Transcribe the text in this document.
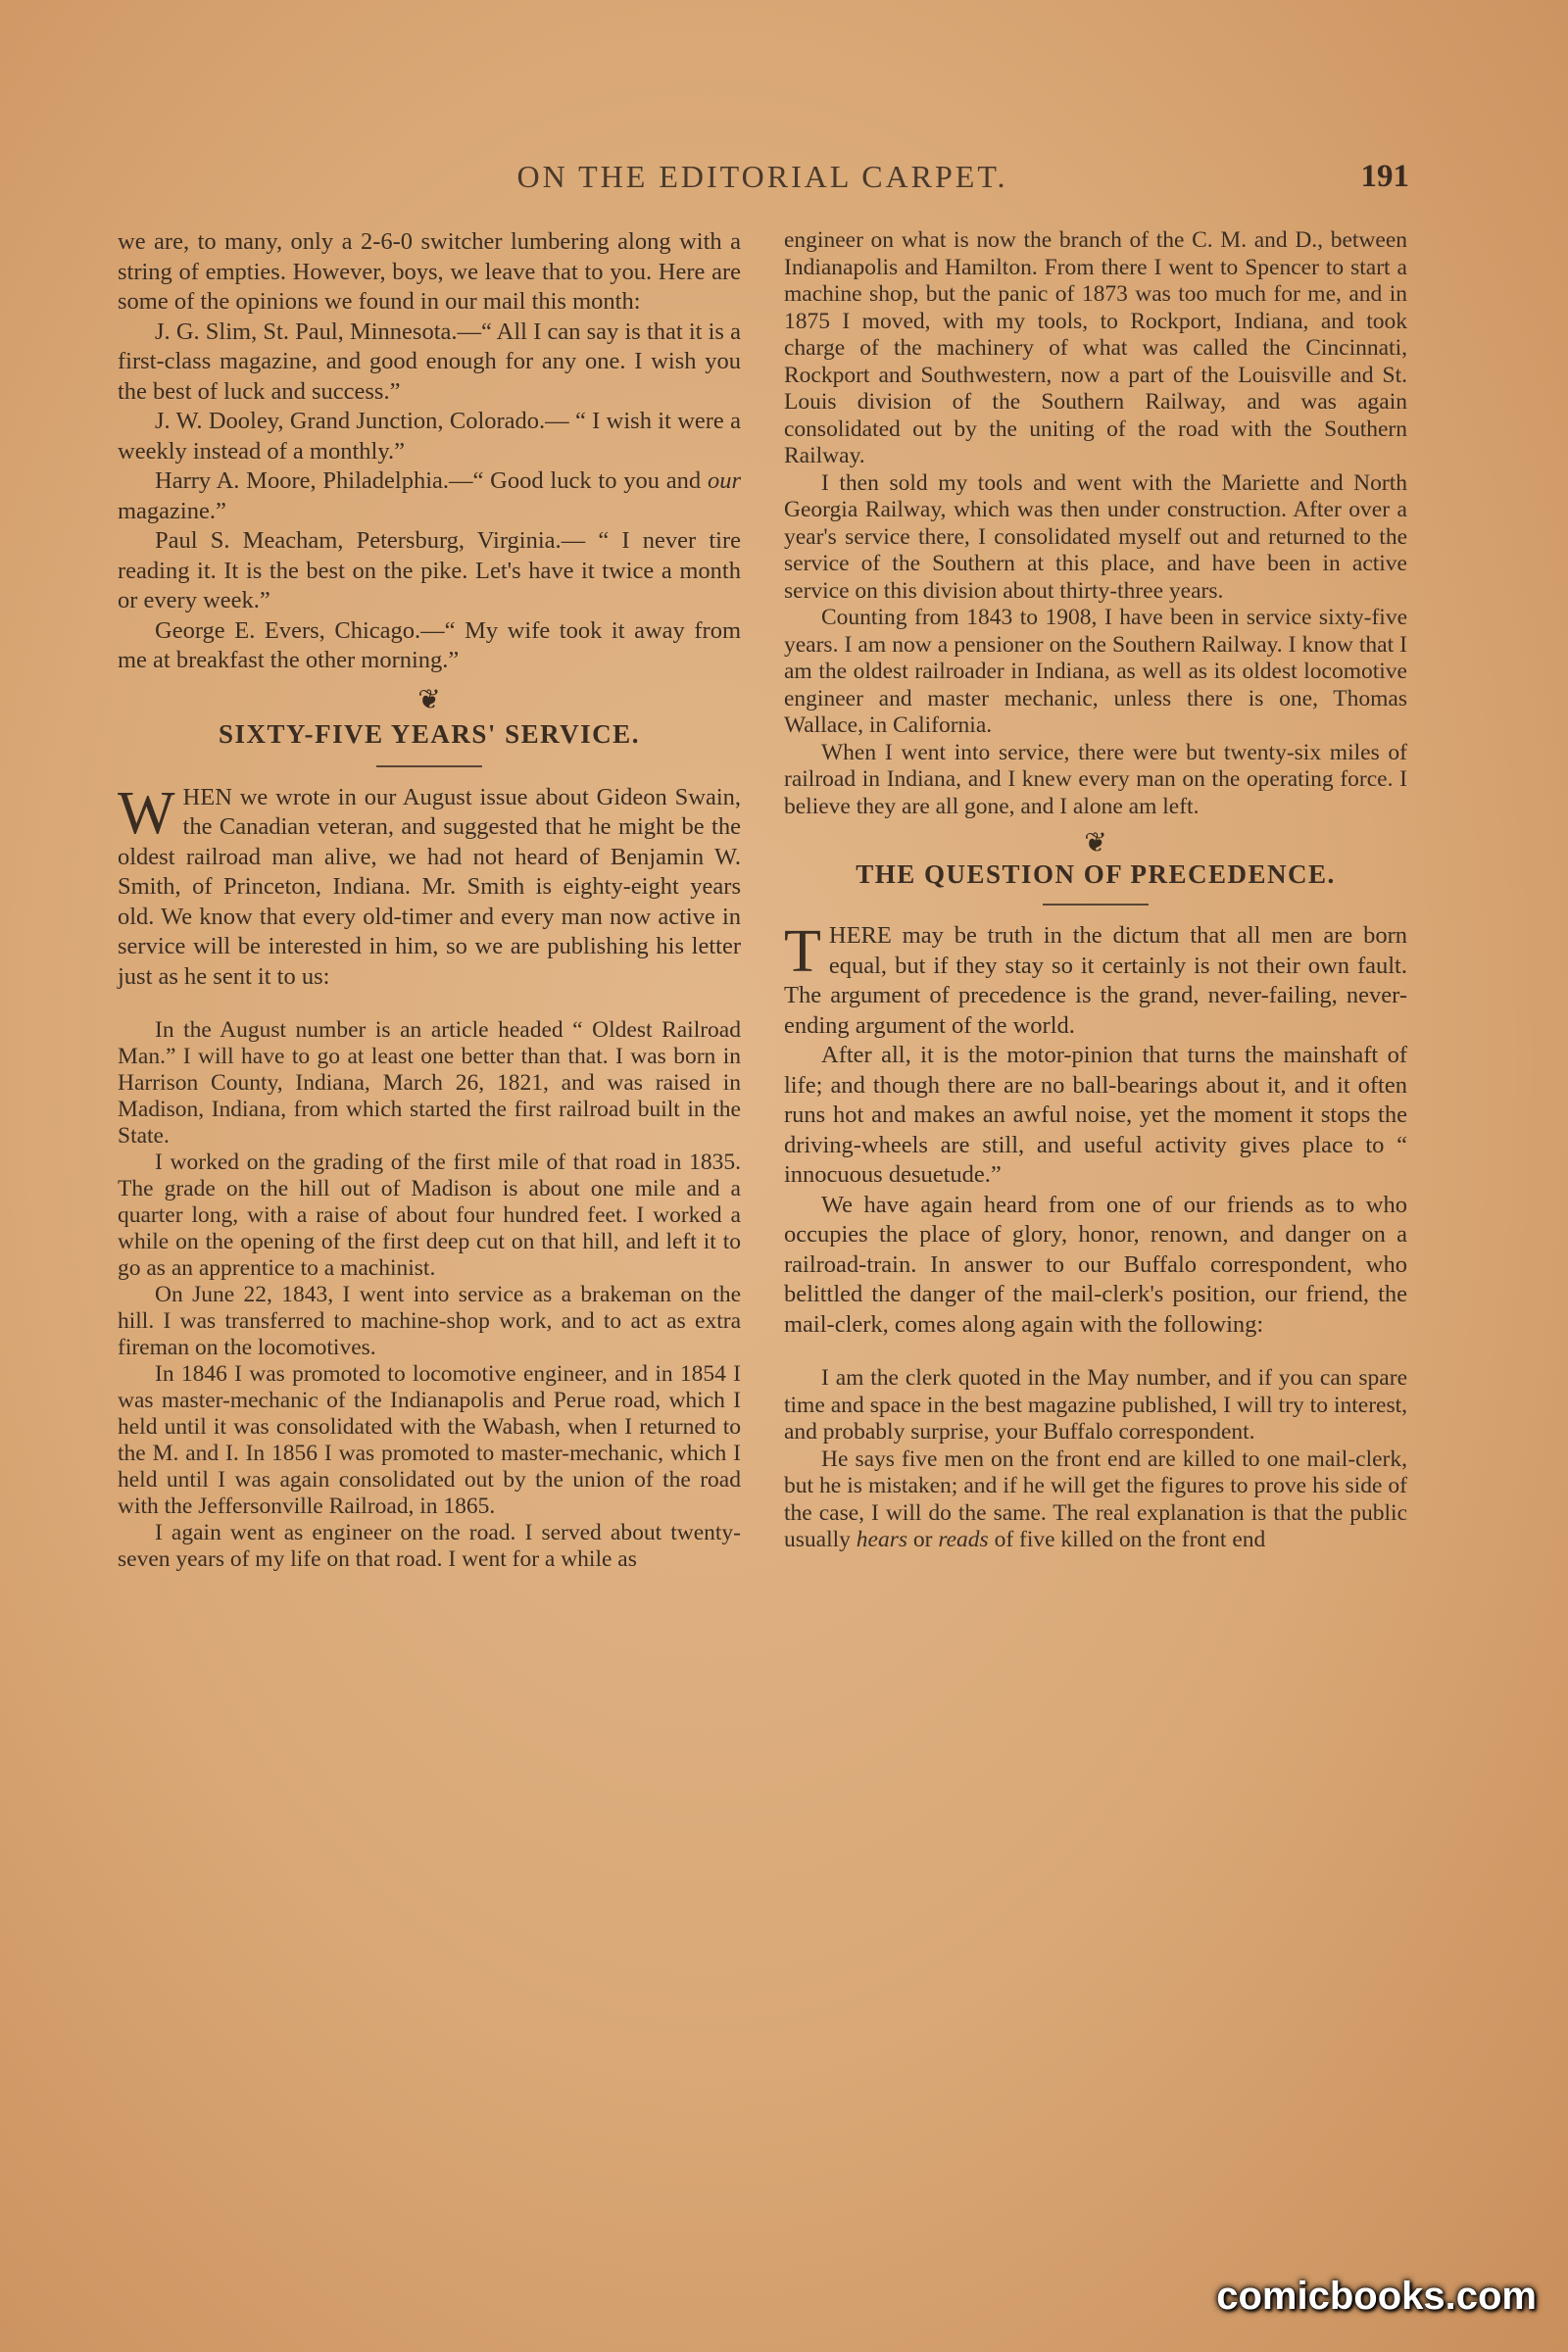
ON THE EDITORIAL CARPET.	191

we are, to many, only a 2-6-0 switcher lumbering along with a string of empties. However, boys, we leave that to you. Here are some of the opinions we found in our mail this month:

J. G. Slim, St. Paul, Minnesota.—“ All I can say is that it is a first-class magazine, and good enough for any one. I wish you the best of luck and success.”

J. W. Dooley, Grand Junction, Colorado.— “ I wish it were a weekly instead of a monthly.”

Harry A. Moore, Philadelphia.—“ Good luck to you and our magazine.”

Paul S. Meacham, Petersburg, Virginia.— “ I never tire reading it. It is the best on the pike. Let's have it twice a month or every week.”

George E. Evers, Chicago.—“ My wife took it away from me at breakfast the other morning.”

❦
SIXTY-FIVE YEARS' SERVICE.

WHEN we wrote in our August issue about Gideon Swain, the Canadian veteran, and suggested that he might be the oldest railroad man alive, we had not heard of Benjamin W. Smith, of Princeton, Indiana. Mr. Smith is eighty-eight years old. We know that every old-timer and every man now active in service will be interested in him, so we are publishing his letter just as he sent it to us:

In the August number is an article headed “ Oldest Railroad Man.” I will have to go at least one better than that. I was born in Harrison County, Indiana, March 26, 1821, and was raised in Madison, Indiana, from which started the first railroad built in the State.

I worked on the grading of the first mile of that road in 1835. The grade on the hill out of Madison is about one mile and a quarter long, with a raise of about four hundred feet. I worked a while on the opening of the first deep cut on that hill, and left it to go as an apprentice to a machinist.

On June 22, 1843, I went into service as a brakeman on the hill. I was transferred to machine-shop work, and to act as extra fireman on the locomotives.

In 1846 I was promoted to locomotive engineer, and in 1854 I was master-mechanic of the Indianapolis and Perue road, which I held until it was consolidated with the Wabash, when I returned to the M. and I. In 1856 I was promoted to master-mechanic, which I held until I was again consolidated out by the union of the road with the Jeffersonville Railroad, in 1865.

I again went as engineer on the road. I served about twenty-seven years of my life on that road. I went for a while as

engineer on what is now the branch of the C. M. and D., between Indianapolis and Hamilton. From there I went to Spencer to start a machine shop, but the panic of 1873 was too much for me, and in 1875 I moved, with my tools, to Rockport, Indiana, and took charge of the machinery of what was called the Cincinnati, Rockport and Southwestern, now a part of the Louisville and St. Louis division of the Southern Railway, and was again consolidated out by the uniting of the road with the Southern Railway.

I then sold my tools and went with the Mariette and North Georgia Railway, which was then under construction. After over a year's service there, I consolidated myself out and returned to the service of the Southern at this place, and have been in active service on this division about thirty-three years.

Counting from 1843 to 1908, I have been in service sixty-five years. I am now a pensioner on the Southern Railway. I know that I am the oldest railroader in Indiana, as well as its oldest locomotive engineer and master mechanic, unless there is one, Thomas Wallace, in California.

When I went into service, there were but twenty-six miles of railroad in Indiana, and I knew every man on the operating force. I believe they are all gone, and I alone am left.

❦
THE QUESTION OF PRECEDENCE.

THERE may be truth in the dictum that all men are born equal, but if they stay so it certainly is not their own fault. The argument of precedence is the grand, never-failing, never-ending argument of the world.

After all, it is the motor-pinion that turns the mainshaft of life; and though there are no ball-bearings about it, and it often runs hot and makes an awful noise, yet the moment it stops the driving-wheels are still, and useful activity gives place to “ innocuous desuetude.”

We have again heard from one of our friends as to who occupies the place of glory, honor, renown, and danger on a railroad-train. In answer to our Buffalo correspondent, who belittled the danger of the mail-clerk's position, our friend, the mail-clerk, comes along again with the following:

I am the clerk quoted in the May number, and if you can spare time and space in the best magazine published, I will try to interest, and probably surprise, your Buffalo correspondent.

He says five men on the front end are killed to one mail-clerk, but he is mistaken; and if he will get the figures to prove his side of the case, I will do the same. The real explanation is that the public usually hears or reads of five killed on the front end

comicbooks.com
